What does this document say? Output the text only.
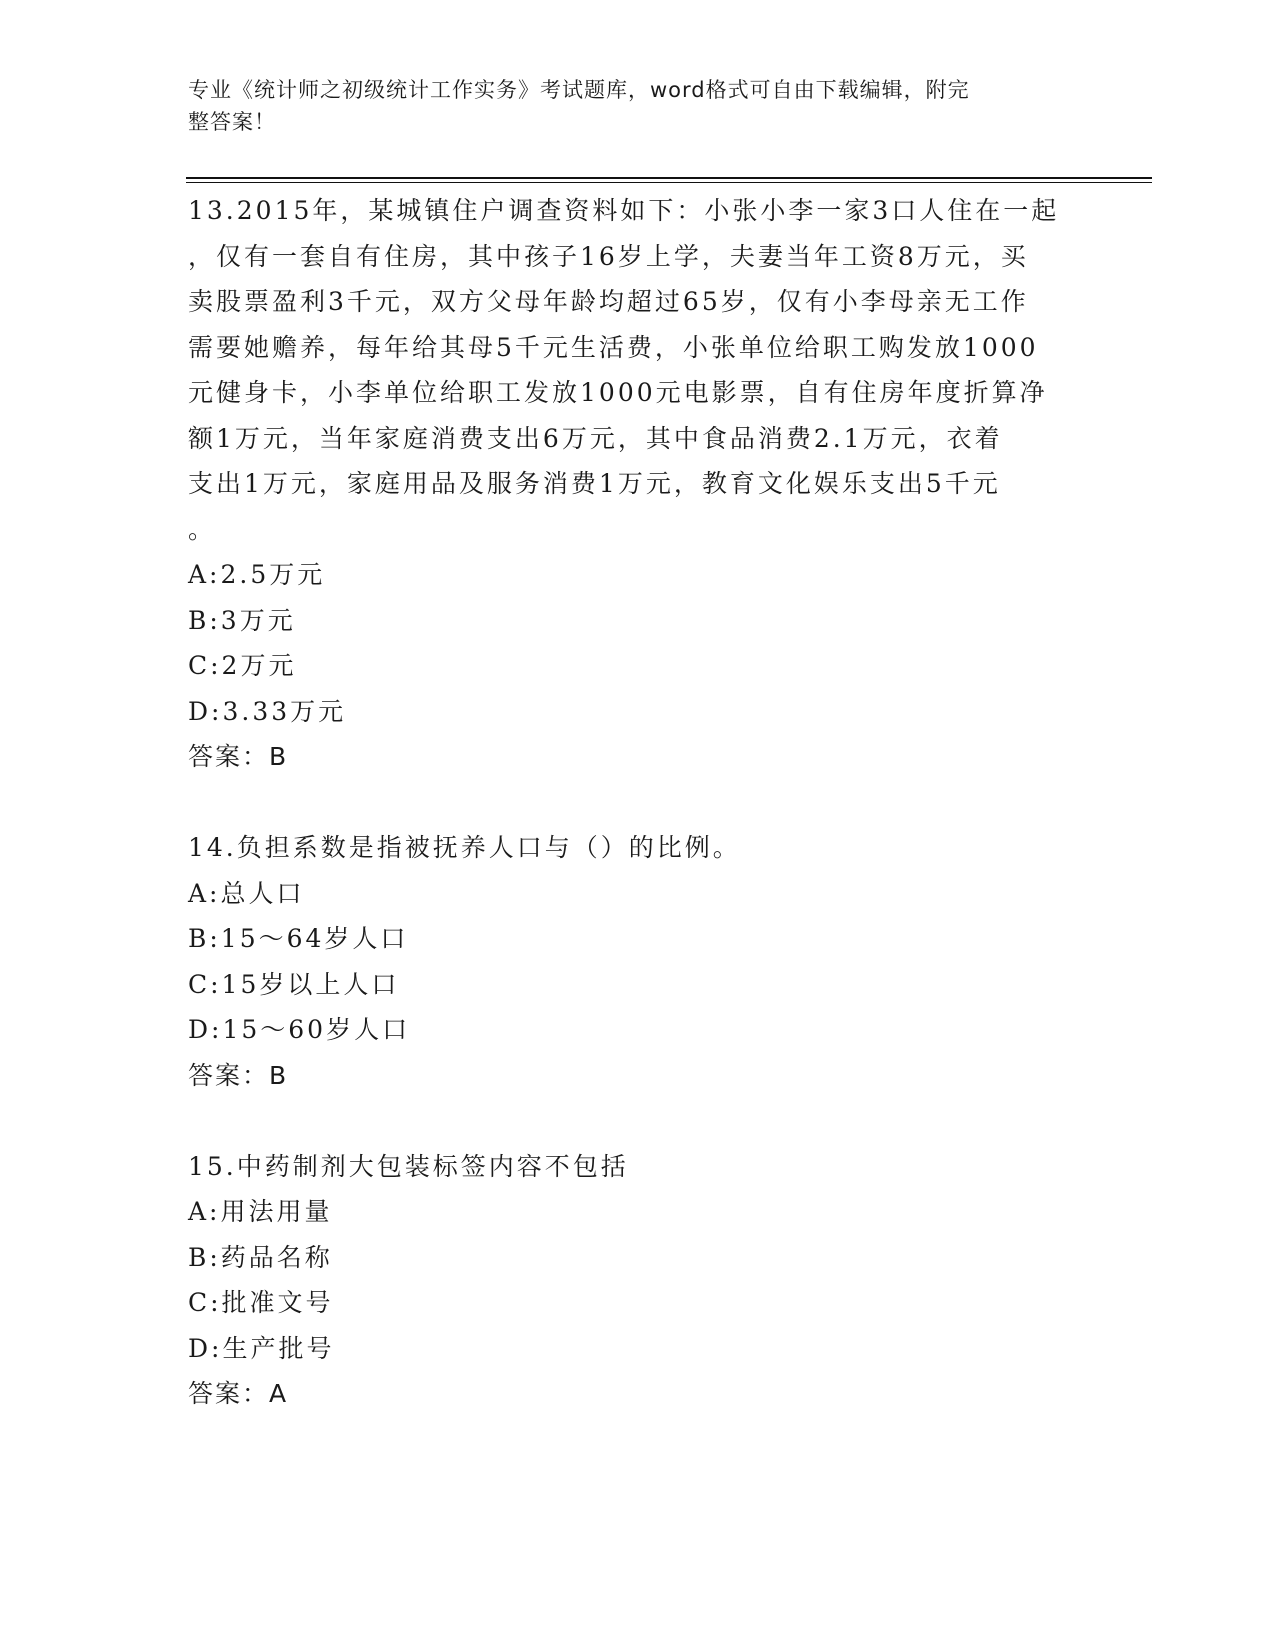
专业《统计师之初级统计工作实务》考试题库，word格式可自由下载编辑，附完
整答案！

13.2015年，某城镇住户调查资料如下：小张小李一家3口人住在一起

，仅有一套自有住房，其中孩子16岁上学，夫妻当年工资8万元，买

卖股票盈利3千元，双方父母年龄均超过65岁，仅有小李母亲无工作

需要她赡养，每年给其母5千元生活费，小张单位给职工购发放1000

元健身卡，小李单位给职工发放1000元电影票，自有住房年度折算净

额1万元，当年家庭消费支出6万元，其中食品消费2.1万元，衣着

支出1万元，家庭用品及服务消费1万元，教育文化娱乐支出5千元

。

A:2.5万元

B:3万元

C:2万元

D:3.33万元

答案：B

14.负担系数是指被抚养人口与（）的比例。

A:总人口

B:15～64岁人口

C:15岁以上人口

D:15～60岁人口

答案：B

15.中药制剂大包装标签内容不包括

A:用法用量

B:药品名称

C:批准文号

D:生产批号

答案：A
